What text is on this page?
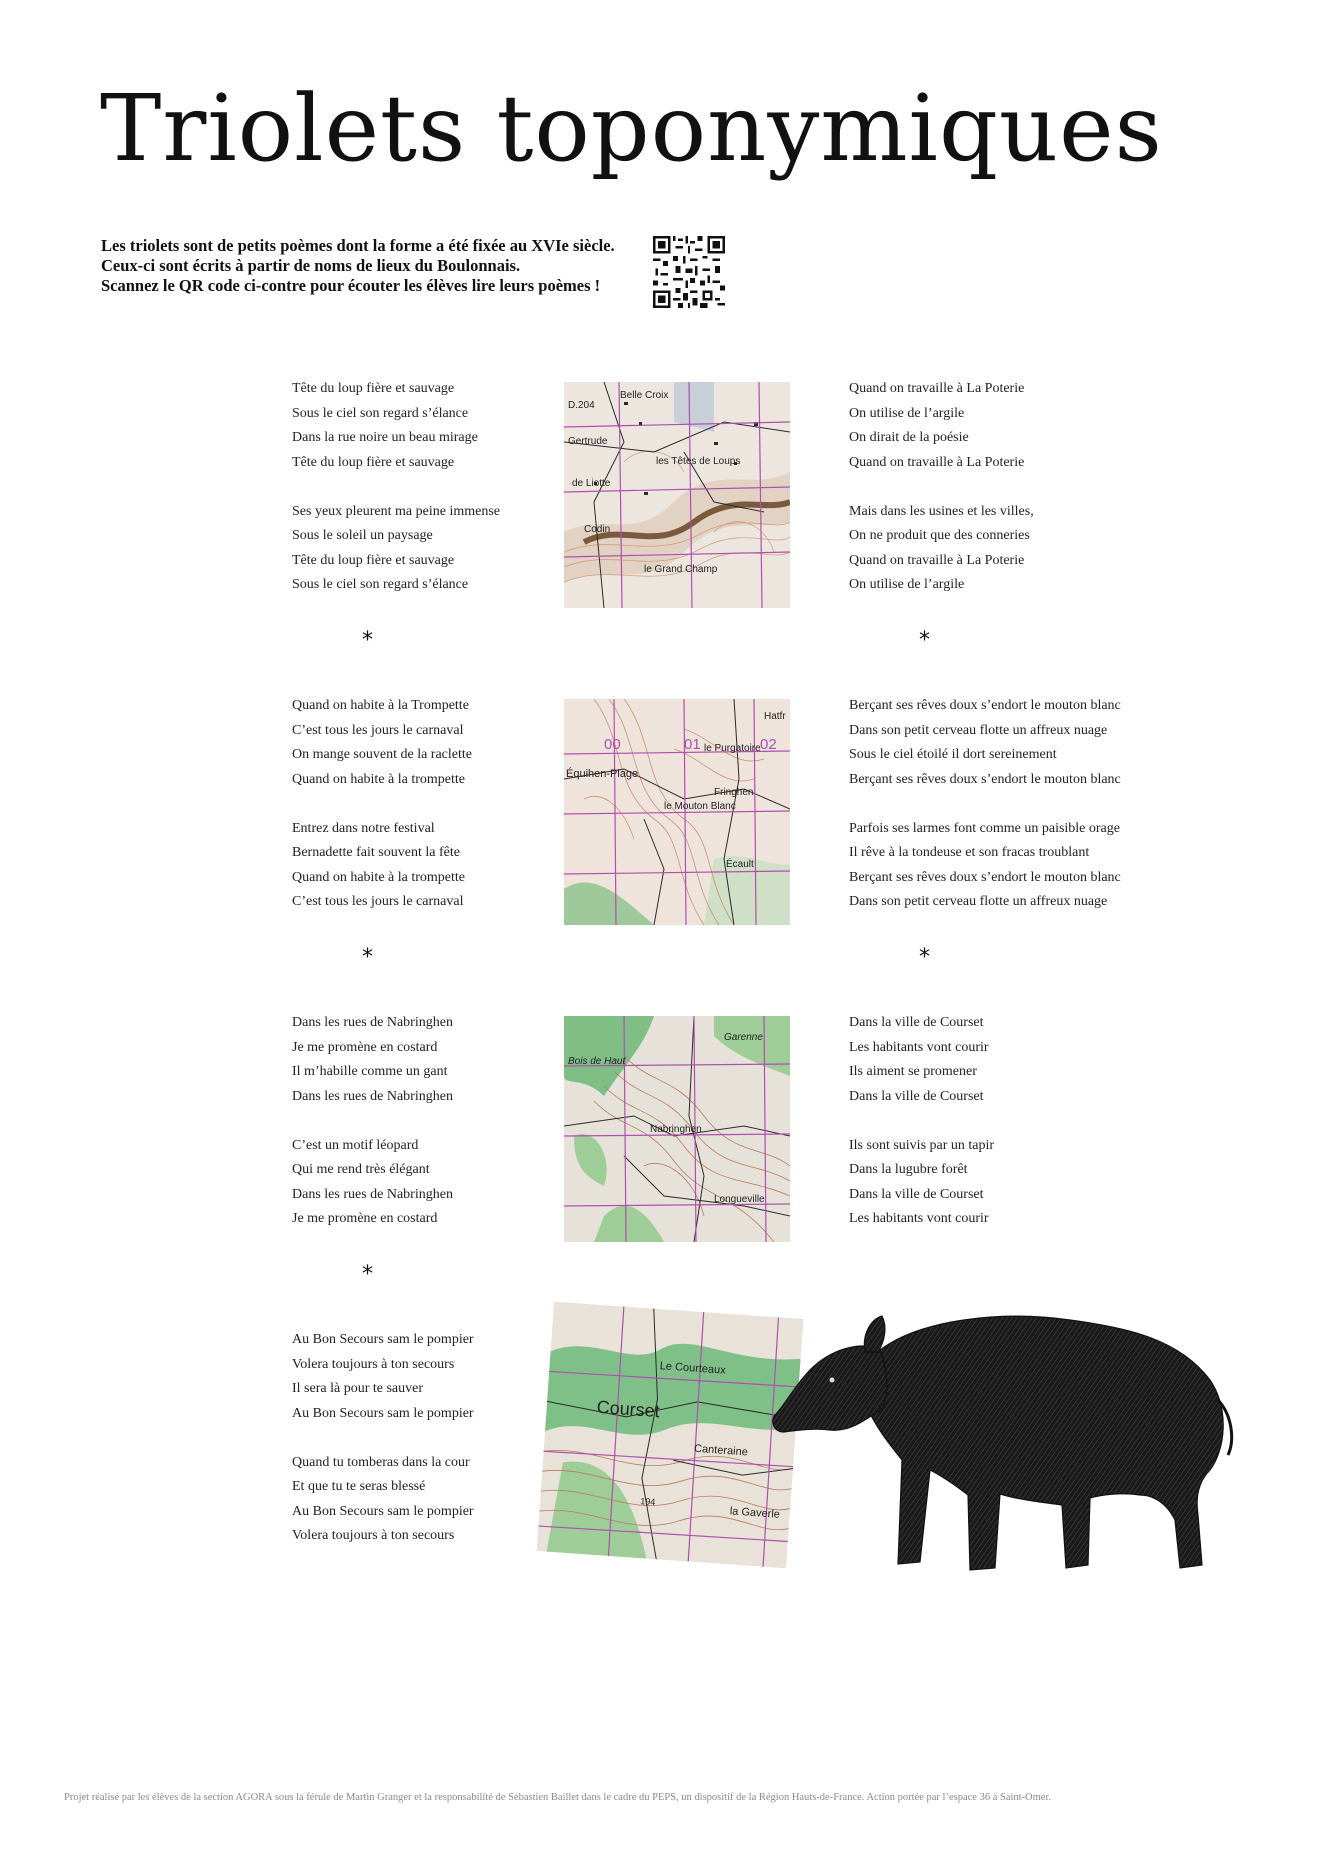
Triolets toponymiques
Les triolets sont de petits poèmes dont la forme a été fixée au XVIe siècle.
Ceux-ci sont écrits à partir de noms de lieux du Boulonnais.
Scannez le QR code ci-contre pour écouter les élèves lire leurs poèmes !
Tête du loup fière et sauvage
Sous le ciel son regard s’élance
Dans la rue noire un beau mirage
Tête du loup fière et sauvage
Ses yeux pleurent ma peine immense
Sous le soleil un paysage
Tête du loup fière et sauvage
Sous le ciel son regard s’élance
Quand on travaille à La Poterie
On utilise de l’argile
On dirait de la poésie
Quand on travaille à La Poterie
Mais dans les usines et les villes,
On ne produit que des conneries
Quand on travaille à La Poterie
On utilise de l’argile
Quand on habite à la Trompette
C’est tous les jours le carnaval
On mange souvent de la raclette
Quand on habite à la trompette
Entrez dans notre festival
Bernadette fait souvent la fête
Quand on habite à la trompette
C’est tous les jours le carnaval
Berçant ses rêves doux s’endort le mouton blanc
Dans son petit cerveau flotte un affreux nuage
Sous le ciel étoilé il dort sereinement
Berçant ses rêves doux s’endort le mouton blanc
Parfois ses larmes font comme un paisible orage
Il rêve à la tondeuse et son fracas troublant
Berçant ses rêves doux s’endort le mouton blanc
Dans son petit cerveau flotte un affreux nuage
Dans les rues de Nabringhen
Je me promène en costard
Il m’habille comme un gant
Dans les rues de Nabringhen
C’est un motif léopard
Qui me rend très élégant
Dans les rues de Nabringhen
Je me promène en costard
Dans la ville de Courset
Les habitants vont courir
Ils aiment se promener
Dans la ville de Courset
Ils sont suivis par un tapir
Dans la lugubre forêt
Dans la ville de Courset
Les habitants vont courir
Au Bon Secours sam le pompier
Volera toujours à ton secours
Il sera là pour te sauver
Au Bon Secours sam le pompier
Quand tu tomberas dans la cour
Et que tu te seras blessé
Au Bon Secours sam le pompier
Volera toujours à ton secours
*	*
*	*
*
D.204
Belle Croix
les Têtes de Loups
de Liotte
le Grand Champ
Gertrude
Codin
Équihen-Plage
le Purgatoire
Fringhen
le Mouton Blanc
Écault
Hatfr
00	01	02
Bois de Haut
Nabringhen
Longueville
Garenne
Le Courteaux
Courset
Canteraine
la Gaverle
194
Projet réalisé par les élèves de la section AGORA sous la férule de Martin Granger et la responsabilité de Sébastien Baillet dans le cadre du PEPS, un dispositif de la Région Hauts-de-France. Action portée par l’espace 36 à Saint-Omer.
